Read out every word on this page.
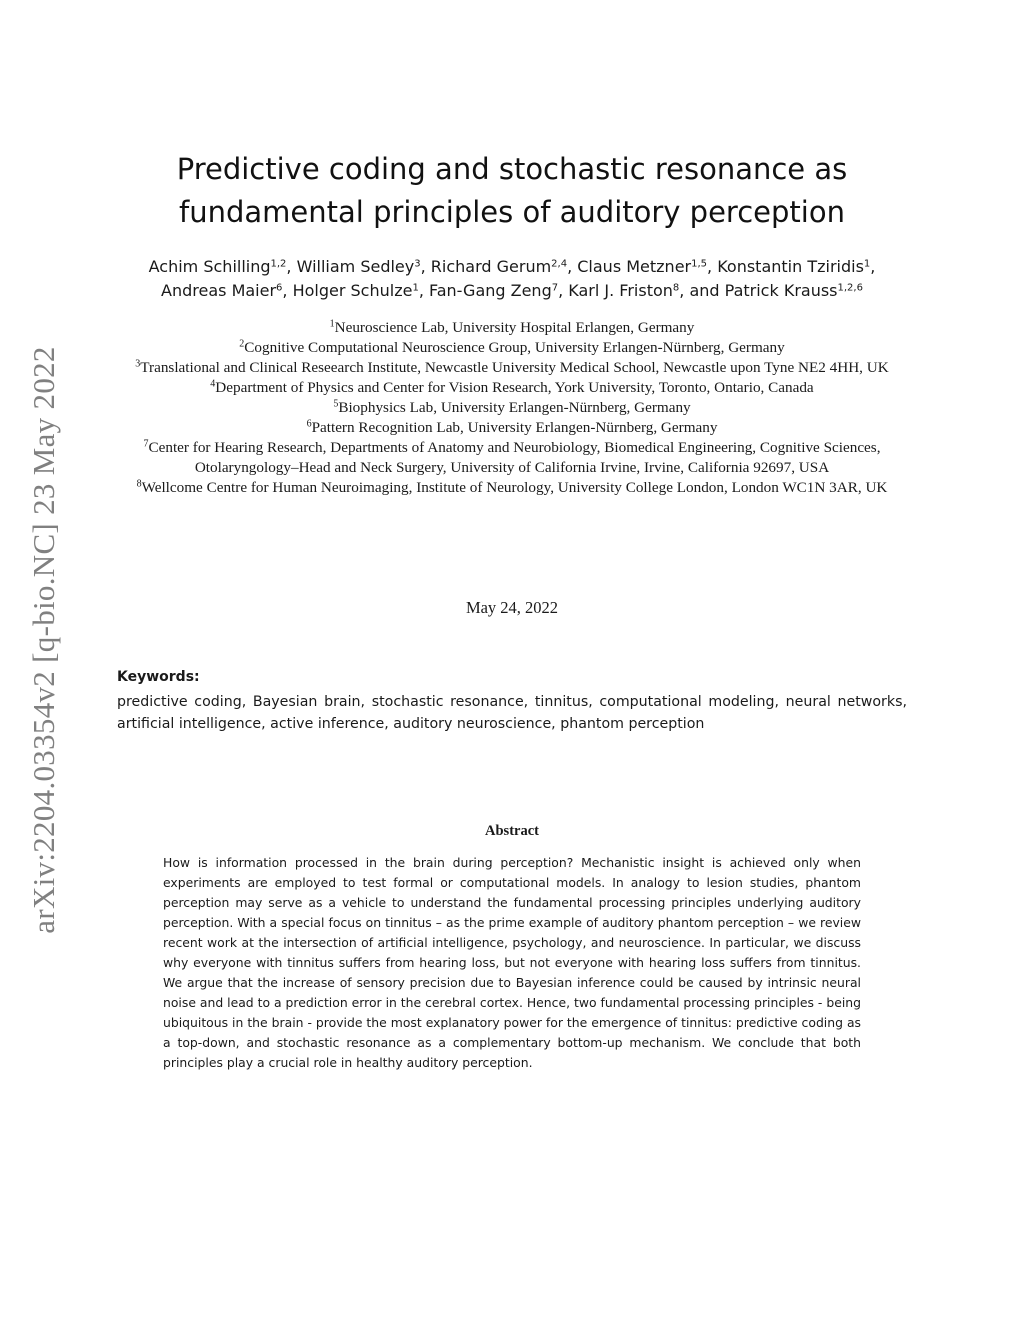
arXiv:2204.03354v2 [q-bio.NC] 23 May 2022
Predictive coding and stochastic resonance as
fundamental principles of auditory perception
Achim Schilling$^{1,2}$, William Sedley$^3$, Richard Gerum$^{2,4}$, Claus Metzner$^{1,5}$, Konstantin Tziridis$^1$,
Andreas Maier$^6$, Holger Schulze$^1$, Fan-Gang Zeng$^7$, Karl J. Friston$^8$, and Patrick Krauss$^{1,2,6}$
$^1$Neuroscience Lab, University Hospital Erlangen, Germany
$^2$Cognitive Computational Neuroscience Group, University Erlangen-Nürnberg, Germany
$^3$Translational and Clinical Reseearch Institute, Newcastle University Medical School, Newcastle upon Tyne NE2 4HH, UK
$^4$Department of Physics and Center for Vision Research, York University, Toronto, Ontario, Canada
$^5$Biophysics Lab, University Erlangen-Nürnberg, Germany
$^6$Pattern Recognition Lab, University Erlangen-Nürnberg, Germany
$^7$Center for Hearing Research, Departments of Anatomy and Neurobiology, Biomedical Engineering, Cognitive Sciences, Otolaryngology–Head and Neck Surgery, University of California Irvine, Irvine, California 92697, USA
$^8$Wellcome Centre for Human Neuroimaging, Institute of Neurology, University College London, London WC1N 3AR, UK
May 24, 2022
Keywords:
predictive coding, Bayesian brain, stochastic resonance, tinnitus, computational modeling, neural networks, artificial intelligence, active inference, auditory neuroscience, phantom perception
Abstract
How is information processed in the brain during perception? Mechanistic insight is achieved only when experiments are employed to test formal or computational models. In analogy to lesion studies, phantom perception may serve as a vehicle to understand the fundamental processing principles underlying auditory perception. With a special focus on tinnitus – as the prime example of auditory phantom perception – we review recent work at the intersection of artificial intelligence, psychology, and neuroscience. In particular, we discuss why everyone with tinnitus suffers from hearing loss, but not everyone with hearing loss suffers from tinnitus. We argue that the increase of sensory precision due to Bayesian inference could be caused by intrinsic neural noise and lead to a prediction error in the cerebral cortex. Hence, two fundamental processing principles - being ubiquitous in the brain - provide the most explanatory power for the emergence of tinnitus: predictive coding as a top-down, and stochastic resonance as a complementary bottom-up mechanism. We conclude that both principles play a crucial role in healthy auditory perception.
